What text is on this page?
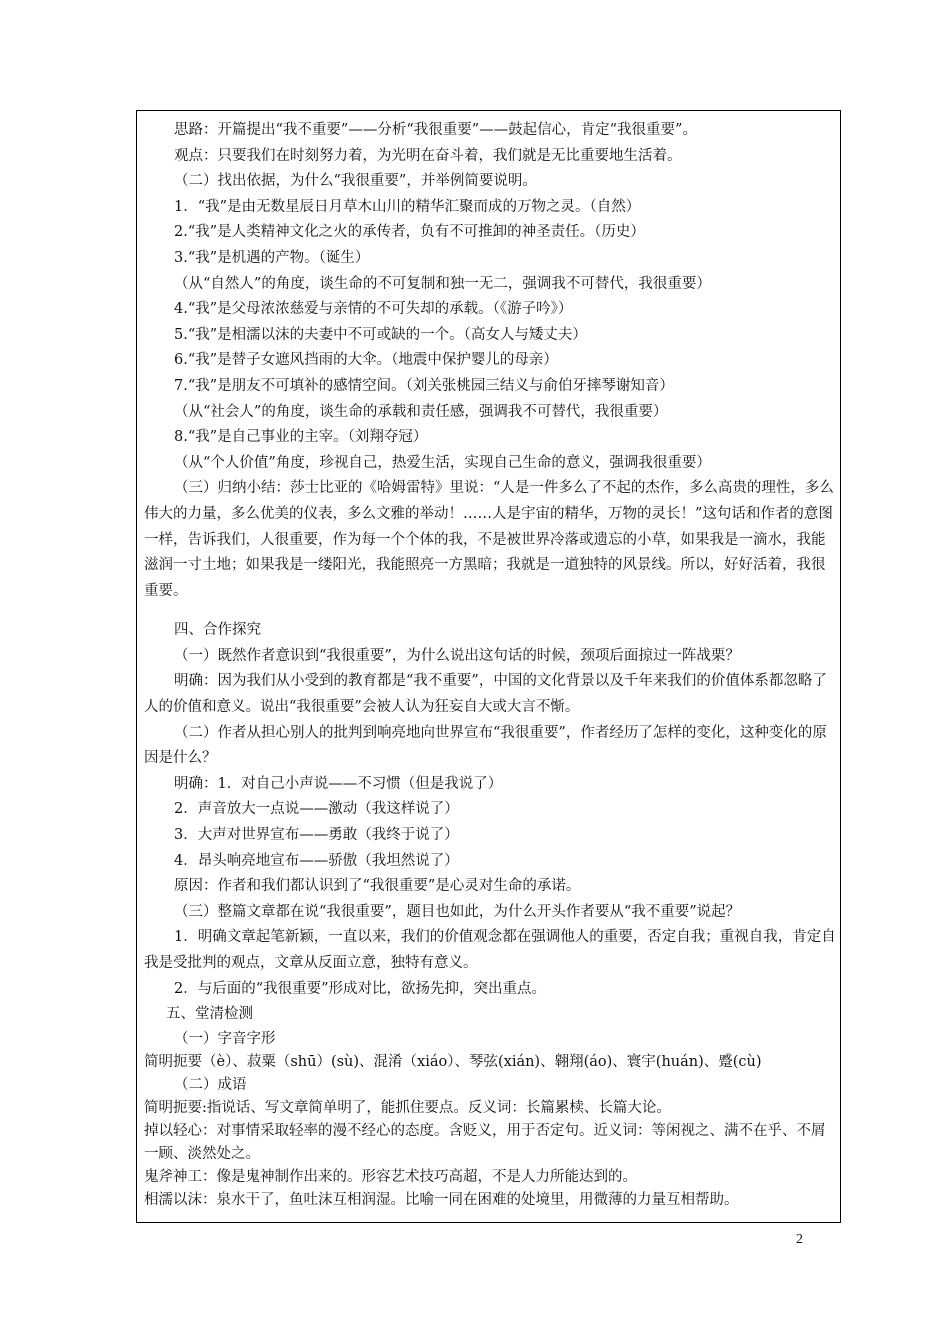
思路：开篇提出“我不重要”——分析“我很重要”——鼓起信心，肯定“我很重要”。

观点：只要我们在时刻努力着，为光明在奋斗着，我们就是无比重要地生活着。

（二）找出依据，为什么“我很重要”，并举例简要说明。

1．“我”是由无数星辰日月草木山川的精华汇聚而成的万物之灵。（自然）

2.“我”是人类精神文化之火的承传者，负有不可推卸的神圣责任。（历史）

3.“我”是机遇的产物。（诞生）

（从“自然人”的角度，谈生命的不可复制和独一无二，强调我不可替代，我很重要）

4.“我”是父母浓浓慈爱与亲情的不可失却的承载。（《游子吟》）

5.“我”是相濡以沫的夫妻中不可或缺的一个。（高女人与矮丈夫）

6.“我”是替子女遮风挡雨的大伞。（地震中保护婴儿的母亲）

7.“我”是朋友不可填补的感情空间。（刘关张桃园三结义与俞伯牙摔琴谢知音）

（从“社会人”的角度，谈生命的承载和责任感，强调我不可替代，我很重要）

8.“我”是自己事业的主宰。（刘翔夺冠）

（从“个人价值”角度，珍视自己，热爱生活，实现自己生命的意义，强调我很重要）

（三）归纳小结：莎士比亚的《哈姆雷特》里说：“人是一件多么了不起的杰作，多么高贵的理性，多么伟大的力量，多么优美的仪表，多么文雅的举动！……人是宇宙的精华，万物的灵长！”这句话和作者的意图一样，告诉我们，人很重要，作为每一个个体的我，不是被世界冷落或遗忘的小草，如果我是一滴水，我能滋润一寸土地；如果我是一缕阳光，我能照亮一方黑暗；我就是一道独特的风景线。所以，好好活着，我很重要。

四、合作探究

（一）既然作者意识到“我很重要”，为什么说出这句话的时候，颈项后面掠过一阵战栗？

明确：因为我们从小受到的教育都是“我不重要”，中国的文化背景以及千年来我们的价值体系都忽略了人的价值和意义。说出“我很重要”会被人认为狂妄自大或大言不惭。

（二）作者从担心别人的批判到响亮地向世界宣布“我很重要”，作者经历了怎样的变化，这种变化的原因是什么？

明确：1．对自己小声说——不习惯（但是我说了）

2．声音放大一点说——激动（我这样说了）

3．大声对世界宣布——勇敢（我终于说了）

4．昂头响亮地宣布——骄傲（我坦然说了）

原因：作者和我们都认识到了“我很重要”是心灵对生命的承诺。

（三）整篇文章都在说“我很重要”，题目也如此，为什么开头作者要从“我不重要”说起？

1．明确文章起笔新颖，一直以来，我们的价值观念都在强调他人的重要，否定自我；重视自我，肯定自我是受批判的观点，文章从反面立意，独特有意义。

2．与后面的“我很重要”形成对比，欲扬先抑，突出重点。

五、堂清检测

（一）字音字形

简明扼要（è）、菽粟（shū）(sù)、混淆（xiáo）、琴弦(xián)、翱翔(áo)、寰宇(huán)、蹙(cù)

（二）成语

简明扼要:指说话、写文章简单明了，能抓住要点。反义词：长篇累椟、长篇大论。

掉以轻心：对事情采取轻率的漫不经心的态度。含贬义，用于否定句。近义词：等闲视之、满不在乎、不屑一顾、淡然处之。

鬼斧神工：像是鬼神制作出来的。形容艺术技巧高超，不是人力所能达到的。

相濡以沫：泉水干了，鱼吐沫互相润湿。比喻一同在困难的处境里，用微薄的力量互相帮助。

2
